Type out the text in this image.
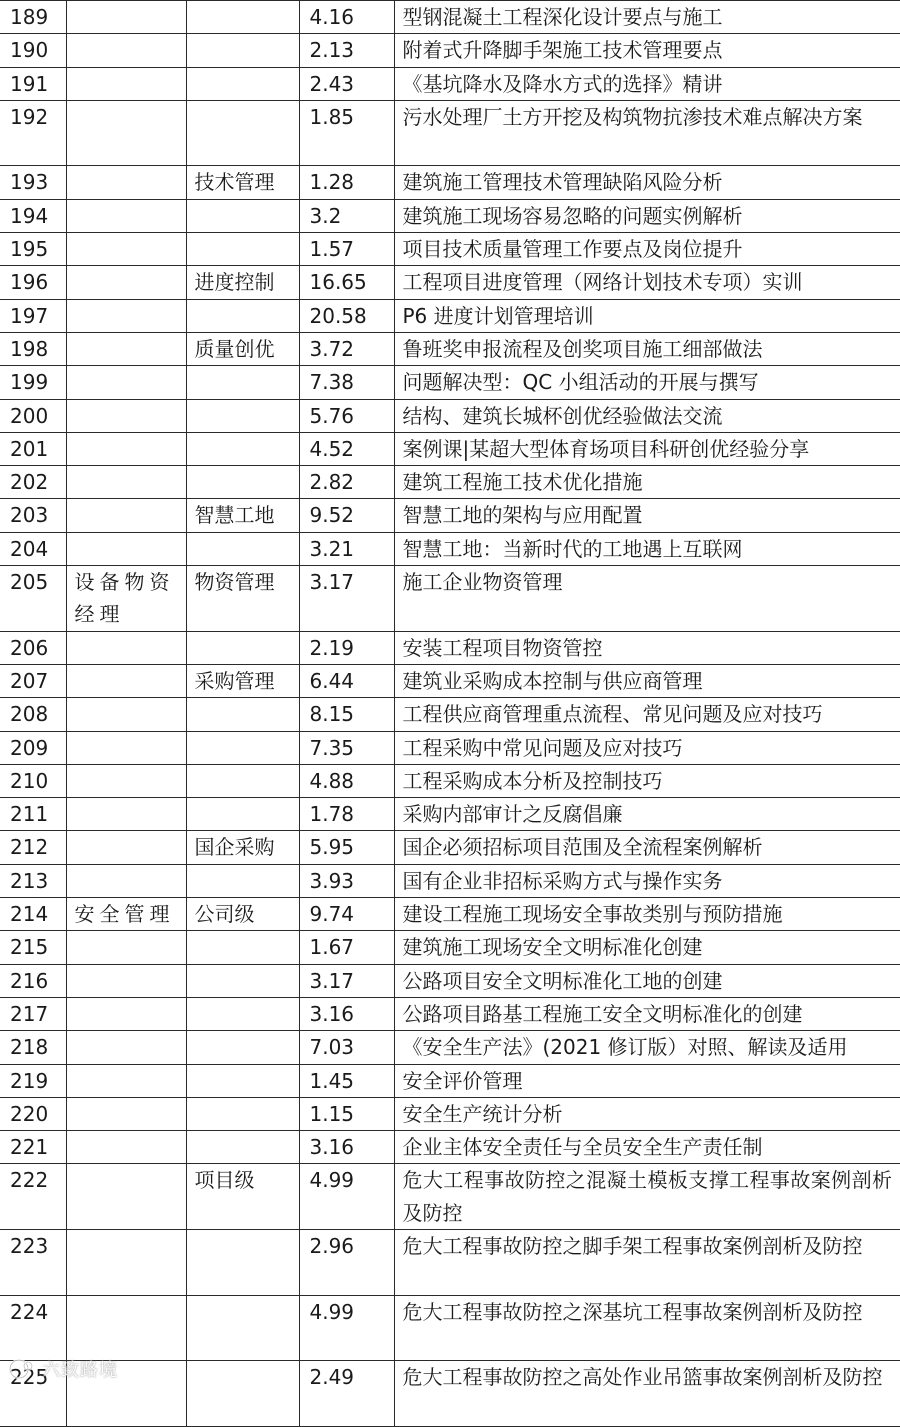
189			4.16	型钢混凝土工程深化设计要点与施工
190			2.13	附着式升降脚手架施工技术管理要点
191			2.43	《基坑降水及降水方式的选择》精讲
192			1.85	污水处理厂土方开挖及构筑物抗渗技术难点解决方案
193		技术管理	1.28	建筑施工管理技术管理缺陷风险分析
194			3.2	建筑施工现场容易忽略的问题实例解析
195			1.57	项目技术质量管理工作要点及岗位提升
196		进度控制	16.65	工程项目进度管理（网络计划技术专项）实训
197			20.58	P6 进度计划管理培训
198		质量创优	3.72	鲁班奖申报流程及创奖项目施工细部做法
199			7.38	问题解决型：QC 小组活动的开展与撰写
200			5.76	结构、建筑长城杯创优经验做法交流
201			4.52	案例课|某超大型体育场项目科研创优经验分享
202			2.82	建筑工程施工技术优化措施
203		智慧工地	9.52	智慧工地的架构与应用配置
204			3.21	智慧工地：当新时代的工地遇上互联网
205	设备物资经理	物资管理	3.17	施工企业物资管理
206			2.19	安装工程项目物资管控
207		采购管理	6.44	建筑业采购成本控制与供应商管理
208			8.15	工程供应商管理重点流程、常见问题及应对技巧
209			7.35	工程采购中常见问题及应对技巧
210			4.88	工程采购成本分析及控制技巧
211			1.78	采购内部审计之反腐倡廉
212		国企采购	5.95	国企必须招标项目范围及全流程案例解析
213			3.93	国有企业非招标采购方式与操作实务
214	安全管理	公司级	9.74	建设工程施工现场安全事故类别与预防措施
215			1.67	建筑施工现场安全文明标准化创建
216			3.17	公路项目安全文明标准化工地的创建
217			3.16	公路项目路基工程施工安全文明标准化的创建
218			7.03	《安全生产法》(2021 修订版）对照、解读及适用
219			1.45	安全评价管理
220			1.15	安全生产统计分析
221			3.16	企业主体安全责任与全员安全生产责任制
222		项目级	4.99	危大工程事故防控之混凝土模板支撑工程事故案例剖析及防控
223			2.96	危大工程事故防控之脚手架工程事故案例剖析及防控
224			4.99	危大工程事故防控之深基坑工程事故案例剖析及防控
225			2.49	危大工程事故防控之高处作业吊篮事故案例剖析及防控
六致路境
